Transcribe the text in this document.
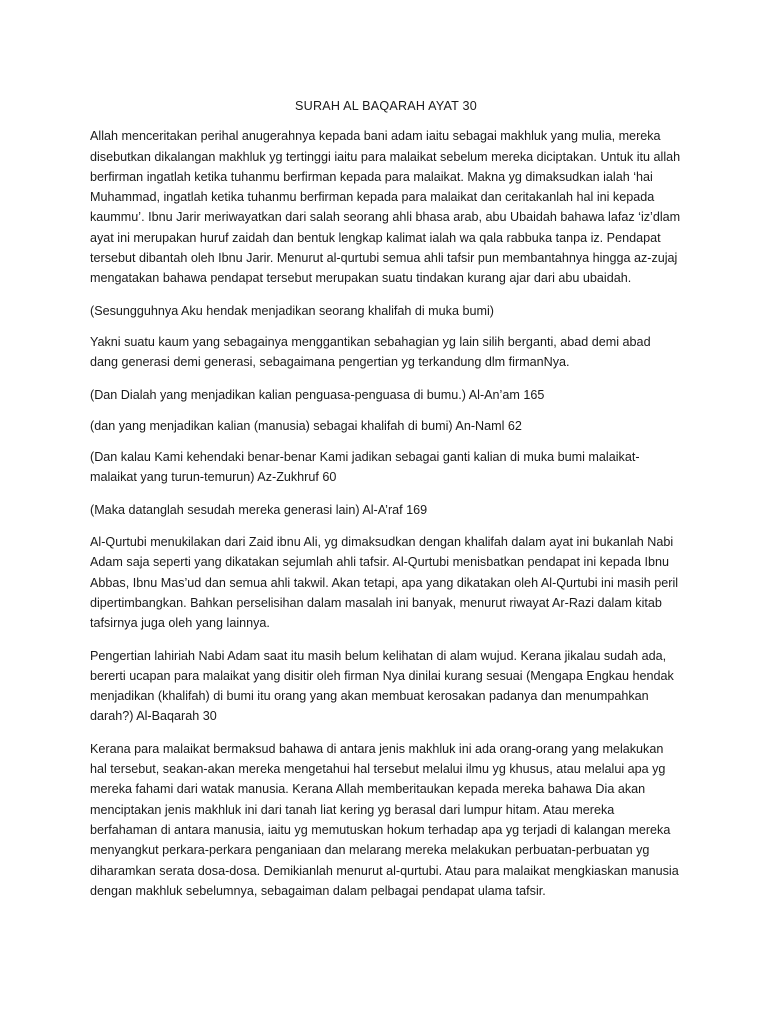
SURAH AL BAQARAH AYAT 30

Allah menceritakan perihal anugerahnya kepada bani adam iaitu sebagai makhluk yang mulia, mereka disebutkan dikalangan makhluk yg tertinggi iaitu para malaikat sebelum mereka diciptakan. Untuk itu allah berfirman ingatlah ketika tuhanmu berfirman kepada para malaikat. Makna yg dimaksudkan ialah ‘hai Muhammad, ingatlah ketika tuhanmu berfirman kepada para malaikat dan ceritakanlah hal ini kepada kaummu’. Ibnu Jarir meriwayatkan dari salah seorang ahli bhasa arab, abu Ubaidah bahawa lafaz ‘iz’dlam ayat ini merupakan huruf zaidah dan bentuk lengkap kalimat ialah wa qala rabbuka tanpa iz. Pendapat tersebut dibantah oleh Ibnu Jarir. Menurut al-qurtubi semua ahli tafsir pun membantahnya hingga az-zujaj mengatakan bahawa pendapat tersebut merupakan suatu tindakan kurang ajar dari abu ubaidah.

(Sesungguhnya Aku hendak menjadikan seorang khalifah di muka bumi)

Yakni suatu kaum yang sebagainya menggantikan sebahagian yg lain silih berganti, abad demi abad dang generasi demi generasi, sebagaimana pengertian yg terkandung dlm firmanNya.

(Dan Dialah yang menjadikan kalian penguasa-penguasa di bumu.) Al-An’am 165

(dan yang menjadikan kalian (manusia) sebagai khalifah di bumi) An-Naml 62

(Dan kalau Kami kehendaki benar-benar Kami jadikan sebagai ganti kalian di muka bumi malaikat-malaikat yang turun-temurun) Az-Zukhruf 60

(Maka datanglah sesudah mereka generasi lain) Al-A’raf 169

Al-Qurtubi menukilakan dari Zaid ibnu Ali, yg dimaksudkan dengan khalifah dalam ayat ini bukanlah Nabi Adam saja seperti yang dikatakan sejumlah ahli tafsir. Al-Qurtubi menisbatkan pendapat ini kepada Ibnu Abbas, Ibnu Mas’ud dan semua ahli takwil. Akan tetapi, apa yang dikatakan oleh Al-Qurtubi ini masih peril dipertimbangkan. Bahkan perselisihan dalam masalah ini banyak, menurut riwayat Ar-Razi dalam kitab tafsirnya juga oleh yang lainnya.

Pengertian lahiriah Nabi Adam saat itu masih belum kelihatan di alam wujud. Kerana jikalau sudah ada, bererti ucapan para malaikat yang disitir oleh firman Nya dinilai kurang sesuai (Mengapa Engkau hendak menjadikan (khalifah) di bumi itu orang yang akan membuat kerosakan padanya dan menumpahkan darah?) Al-Baqarah 30

Kerana para malaikat bermaksud bahawa di antara jenis makhluk ini ada orang-orang yang melakukan hal tersebut, seakan-akan mereka mengetahui hal tersebut melalui ilmu yg khusus, atau melalui apa yg mereka fahami dari watak manusia. Kerana Allah memberitaukan kepada mereka bahawa Dia akan menciptakan jenis makhluk ini dari tanah liat kering yg berasal dari lumpur hitam. Atau mereka berfahaman di antara manusia, iaitu yg memutuskan hokum terhadap apa yg terjadi di kalangan mereka menyangkut perkara-perkara penganiaan dan melarang mereka melakukan perbuatan-perbuatan yg diharamkan serata dosa-dosa. Demikianlah menurut al-qurtubi. Atau para malaikat mengkiaskan manusia dengan makhluk sebelumnya, sebagaiman dalam pelbagai pendapat ulama tafsir.
